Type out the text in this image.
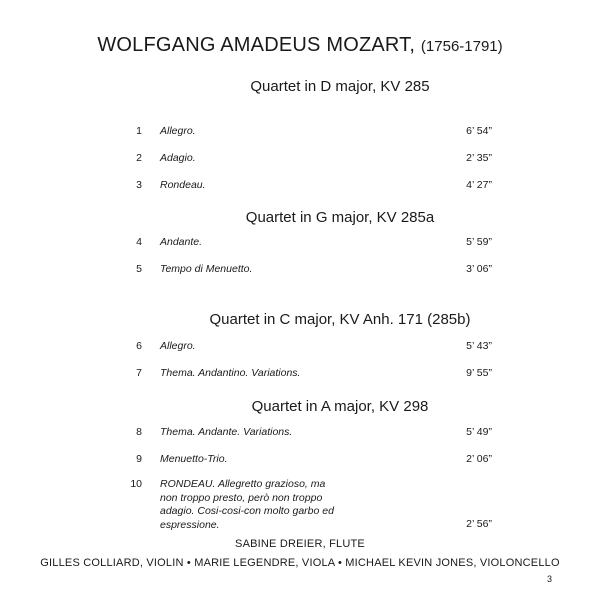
WOLFGANG AMADEUS MOZART, (1756-1791)
Quartet in D major, KV 285
1 Allegro.	6’ 54”
2 Adagio.	2’ 35”
3 Rondeau.	4’ 27”
Quartet in G major, KV 285a
4 Andante.	5’ 59”
5 Tempo di Menuetto.	3’ 06”
Quartet in C major, KV Anh. 171 (285b)
6 Allegro.	5’ 43”
7 Thema. Andantino. Variations.	9’ 55”
Quartet in A major, KV 298
8 Thema. Andante. Variations.	5’ 49”
9 Menuetto-Trio.	2’ 06”
10 RONDEAU. Allegretto grazioso, ma
non troppo presto, però non troppo
adagio. Cosi-cosi-con molto garbo ed
espressione.	2’ 56”
SABINE DREIER, FLUTE
GILLES COLLIARD, VIOLIN • MARIE LEGENDRE, VIOLA • MICHAEL KEVIN JONES, VIOLONCELLO
3
